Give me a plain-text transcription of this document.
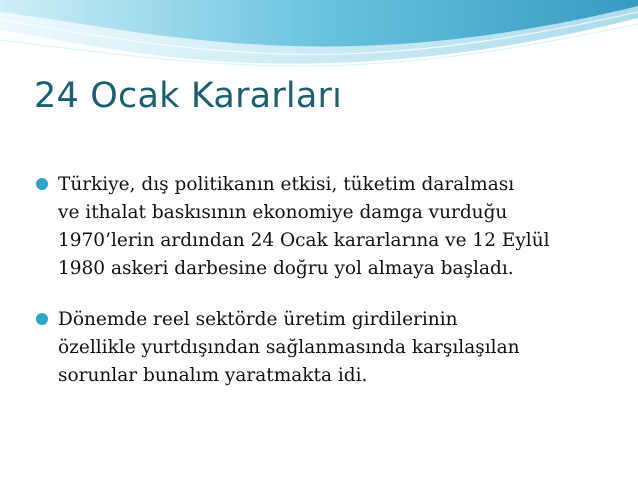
24 Ocak Kararları
Türkiye, dış politikanın etkisi, tüketim daralması
ve ithalat baskısının ekonomiye damga vurduğu
1970’lerin ardından 24 Ocak kararlarına ve 12 Eylül
1980 askeri darbesine doğru yol almaya başladı.
Dönemde reel sektörde üretim girdilerinin
özellikle yurtdışından sağlanmasında karşılaşılan
sorunlar bunalım yaratmakta idi.
